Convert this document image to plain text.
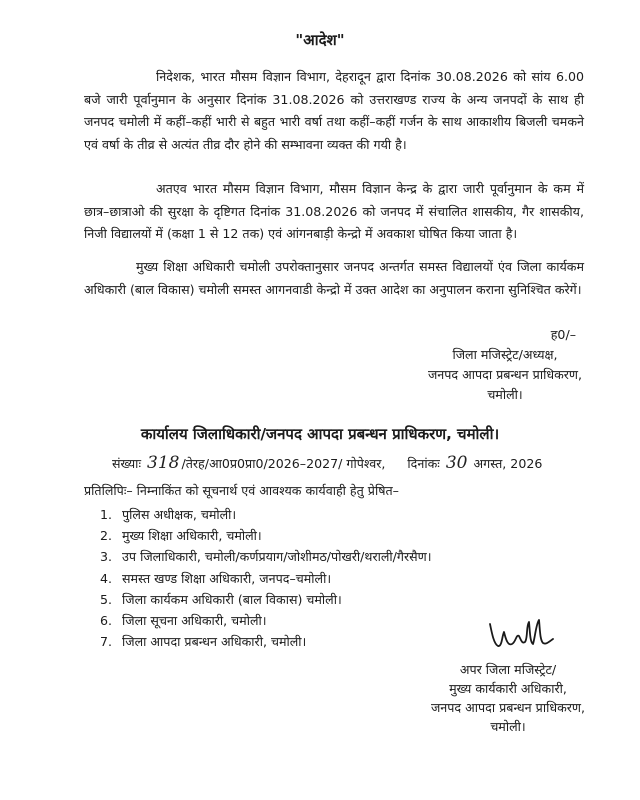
"आदेश"

निदेशक, भारत मौसम विज्ञान विभाग, देहरादून द्वारा दिनांक 30.08.2026 को सांय 6.00 बजे जारी पूर्वानुमान के अनुसार दिनांक 31.08.2026 को उत्तराखण्ड राज्य के अन्य जनपदों के साथ ही जनपद चमोली में कहीं–कहीं भारी से बहुत भारी वर्षा तथा कहीं–कहीं गर्जन के साथ आकाशीय बिजली चमकने एवं वर्षा के तीव्र से अत्यंत तीव्र दौर होने की सम्भावना व्यक्त की गयी है।

अतएव भारत मौसम विज्ञान विभाग, मौसम विज्ञान केन्द्र के द्वारा जारी पूर्वानुमान के कम में छात्र–छात्राओ की सुरक्षा के दृष्टिगत दिनांक 31.08.2026 को जनपद में संचालित शासकीय, गैर शासकीय, निजी विद्यालयों में (कक्षा 1 से 12 तक) एवं आंगनबाड़ी केन्द्रो में अवकाश घोषित किया जाता है।

मुख्य शिक्षा अधिकारी चमोली उपरोक्तानुसार जनपद अन्तर्गत समस्त विद्यालयों एंव जिला कार्यकम अधिकारी (बाल विकास) चमोली समस्त आगनवाडी केन्द्रो में उक्त आदेश का अनुपालन कराना सुनिश्चित करेगें।

ह0/–
जिला मजिस्ट्रेट/अध्यक्ष,
जनपद आपदा प्रबन्धन प्राधिकरण,
चमोली।
कार्यालय जिलाधिकारी/जनपद आपदा प्रबन्धन प्राधिकरण, चमोली।
संख्याः 318 /तेरह/आ0प्र0प्रा0/2026–2027/ गोपेश्वर, दिनांकः 30 अगस्त, 2026
प्रतिलिपिः– निम्नाकिंत को सूचनार्थ एवं आवश्यक कार्यवाही हेतु प्रेषित–
1. पुलिस अधीक्षक, चमोली।
2. मुख्य शिक्षा अधिकारी, चमोली।
3. उप जिलाधिकारी, चमोली/कर्णप्रयाग/जोशीमठ/पोखरी/थराली/गैरसैण।
4. समस्त खण्ड शिक्षा अधिकारी, जनपद–चमोली।
5. जिला कार्यकम अधिकारी (बाल विकास) चमोली।
6. जिला सूचना अधिकारी, चमोली।
7. जिला आपदा प्रबन्धन अधिकारी, चमोली।
अपर जिला मजिस्ट्रेट/
मुख्य कार्यकारी अधिकारी,
जनपद आपदा प्रबन्धन प्राधिकरण,
चमोली।
